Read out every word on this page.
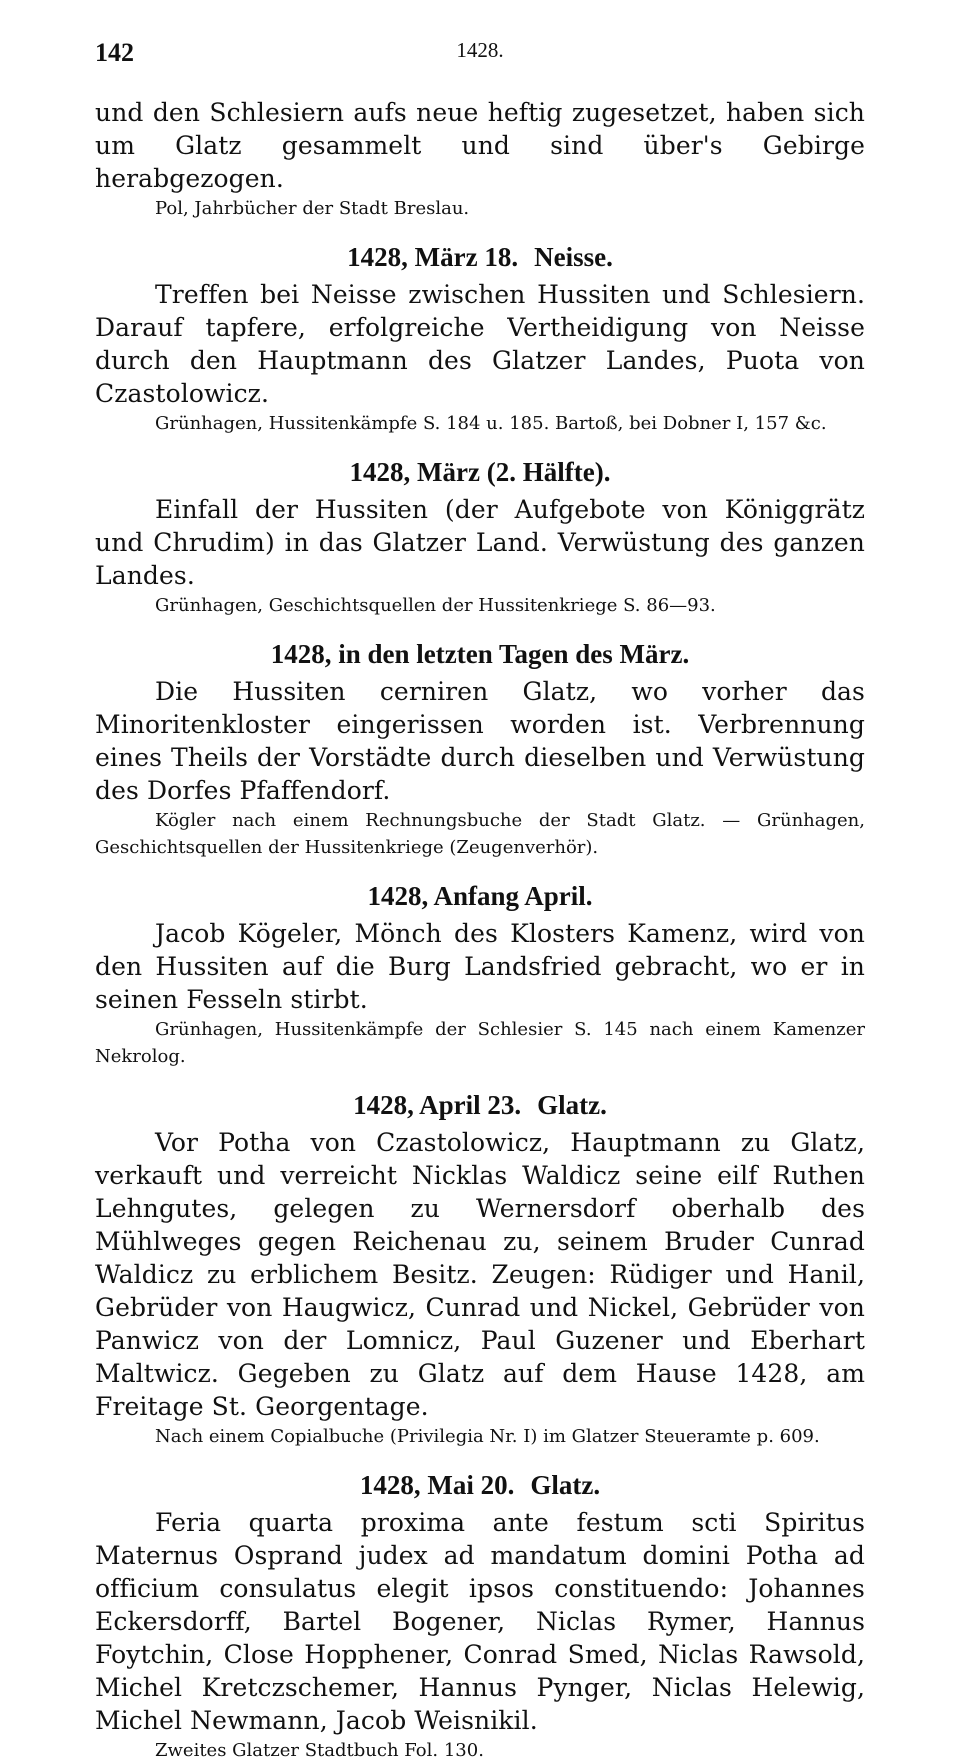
142	1428.

und den Schlesiern aufs neue heftig zugesetzet, haben sich um Glatz gesammelt und sind über's Gebirge herabgezogen.

Pol, Jahrbücher der Stadt Breslau.

1428, März 18. Neisse.

Treffen bei Neisse zwischen Hussiten und Schlesiern. Darauf tapfere, erfolgreiche Vertheidigung von Neisse durch den Hauptmann des Glatzer Landes, Puota von Czastolowicz.

Grünhagen, Hussitenkämpfe S. 184 u. 185. Bartoß, bei Dobner I, 157 &c.

1428, März (2. Hälfte).

Einfall der Hussiten (der Aufgebote von Königgrätz und Chrudim) in das Glatzer Land. Verwüstung des ganzen Landes.

Grünhagen, Geschichtsquellen der Hussitenkriege S. 86—93.

1428, in den letzten Tagen des März.

Die Hussiten cerniren Glatz, wo vorher das Minoritenkloster eingerissen worden ist. Verbrennung eines Theils der Vorstädte durch dieselben und Verwüstung des Dorfes Pfaffendorf.

Kögler nach einem Rechnungsbuche der Stadt Glatz. — Grünhagen, Geschichtsquellen der Hussitenkriege (Zeugenverhör).

1428, Anfang April.

Jacob Kögeler, Mönch des Klosters Kamenz, wird von den Hussiten auf die Burg Landsfried gebracht, wo er in seinen Fesseln stirbt.

Grünhagen, Hussitenkämpfe der Schlesier S. 145 nach einem Kamenzer Nekrolog.

1428, April 23. Glatz.

Vor Potha von Czastolowicz, Hauptmann zu Glatz, verkauft und verreicht Nicklas Waldicz seine eilf Ruthen Lehngutes, gelegen zu Wernersdorf oberhalb des Mühlweges gegen Reichenau zu, seinem Bruder Cunrad Waldicz zu erblichem Besitz. Zeugen: Rüdiger und Hanil, Gebrüder von Haugwicz, Cunrad und Nickel, Gebrüder von Panwicz von der Lomnicz, Paul Guzener und Eberhart Maltwicz. Gegeben zu Glatz auf dem Hause 1428, am Freitage St. Georgentage.

Nach einem Copialbuche (Privilegia Nr. I) im Glatzer Steueramte p. 609.

1428, Mai 20. Glatz.

Feria quarta proxima ante festum scti Spiritus Maternus Osprand judex ad mandatum domini Potha ad officium consulatus elegit ipsos constituendo: Johannes Eckersdorff, Bartel Bogener, Niclas Rymer, Hannus Foytchin, Close Hopphener, Conrad Smed, Niclas Rawsold, Michel Kretczschemer, Hannus Pynger, Niclas Helewig, Michel Newmann, Jacob Weisnikil.

Zweites Glatzer Stadtbuch Fol. 130.
